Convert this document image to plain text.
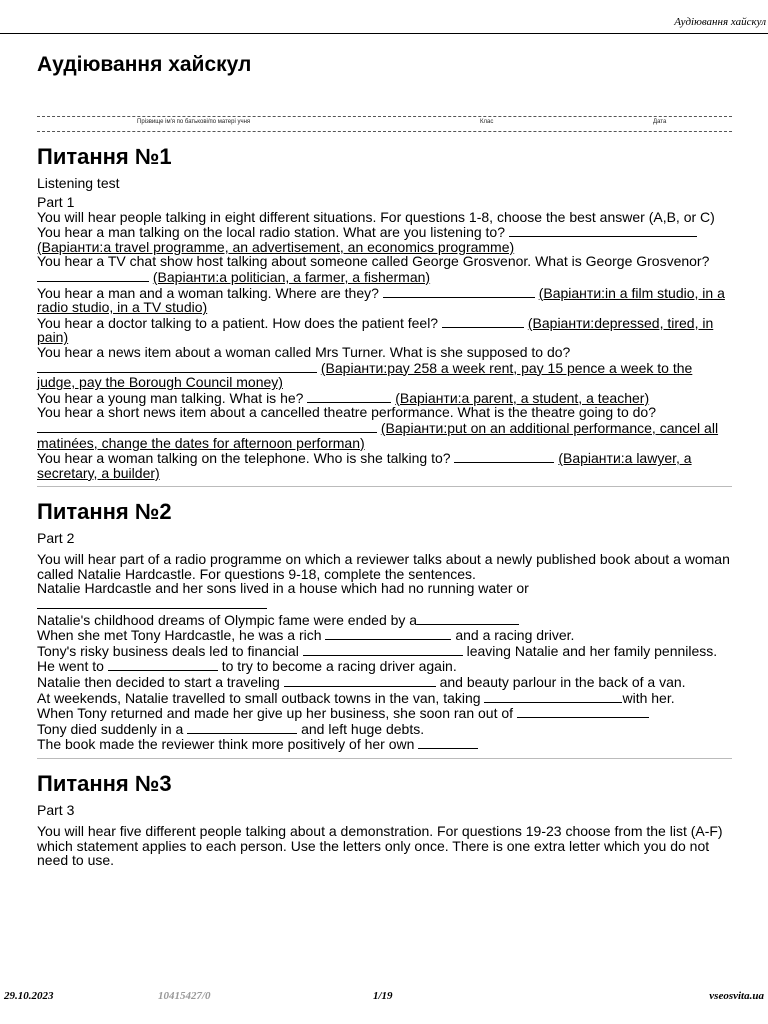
Аудіювання хайскул
Аудіювання хайскул
Прізвище ім'я по батькові/по матері учня	Клас	Дата
Питання №1
Listening test
Part 1
You will hear people talking in eight different situations. For questions 1-8, choose the best answer (A,B, or C)
You hear a man talking on the local radio station. What are you listening to?  (Варіанти:a travel programme, an advertisement, an economics programme)
You hear a TV chat show host talking about someone called George Grosvenor. What is George Grosvenor?  (Варіанти:a politician, a farmer, a fisherman)
You hear a man and a woman talking. Where are they?	(Варіанти:in a film studio, in a radio studio, in a TV studio)
You hear a doctor talking to a patient. How does the patient feel?	(Варіанти:depressed, tired, in pain)
You hear a news item about a woman called Mrs Turner. What is she supposed to do?  (Варіанти:pay 258 a week rent, pay 15 pence a week to the judge, pay the Borough Council money)
You hear a young man talking. What is he?	(Варіанти:a parent, a student, a teacher)
You hear a short news item about a cancelled theatre performance. What is the theatre going to do?  (Варіанти:put on an additional performance, cancel all matinées, change the dates for afternoon performan)
You hear a woman talking on the telephone. Who is she talking to?	(Варіанти:a lawyer, a secretary, a builder)
Питання №2
Part 2
You will hear part of a radio programme on which a reviewer talks about a newly published book about a woman called Natalie Hardcastle. For questions 9-18, complete the sentences.
Natalie Hardcastle and her sons lived in a house which had no running water or
Natalie's childhood dreams of Olympic fame were ended by a
When she met Tony Hardcastle, he was a rich	and a racing driver.
Tony's risky business deals led to financial	leaving Natalie and her family penniless.
He went to	to try to become a racing driver again.
Natalie then decided to start a traveling	and beauty parlour in the back of a van.
At weekends, Natalie travelled to small outback towns in the van, taking	with her.
When Tony returned and made her give up her business, she soon ran out of
Tony died suddenly in a	and left huge debts.
The book made the reviewer think more positively of her own
Питання №3
Part 3
You will hear five different people talking about a demonstration. For questions 19-23 choose from the list (A-F) which statement applies to each person. Use the letters only once. There is one extra letter which you do not need to use.
29.10.2023	10415427/0	1/19	vseosvita.ua
